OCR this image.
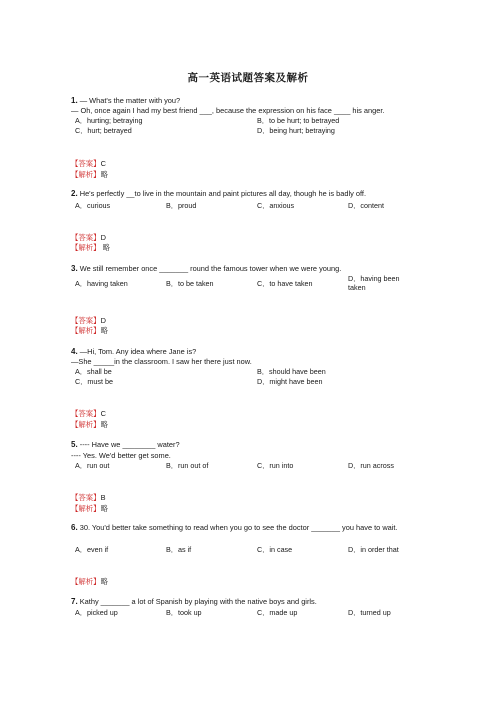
高一英语试题答案及解析
1. — What's the matter with you?
— Oh, once again I had my best friend ___, because the expression on his face ____ his anger.
A．hurting; betraying	B．to be hurt; to betrayed
C．hurt; betrayed	D．being hurt; betraying
【答案】C
【解析】略
2. He's perfectly __to live in the mountain and paint pictures all day, though he is badly off.
A．curious	B．proud	C．anxious	D．content
【答案】D
【解析】 略
3. We still remember once _______ round the famous tower when we were young.
A．having taken	B．to be taken	C．to have taken
D．having been taken
【答案】D
【解析】略
4. —Hi, Tom. Any idea where Jane is?
—She _____in the classroom. I saw her there just now.
A．shall be	B．should have been
C．must be	D．might have been
【答案】C
【解析】略
5. ---- Have we ________ water?
---- Yes. We'd better get some.
A．run out	B．run out of	C．run into	D．run across
【答案】B
【解析】略
6. 30. You'd better take something to read when you go to see the doctor _______ you have to wait.
A．even if	B．as if	C．in case	D．in order that
【解析】略
7. Kathy _______ a lot of Spanish by playing with the native boys and girls.
A．picked up	B．took up	C．made up	D．turned up
